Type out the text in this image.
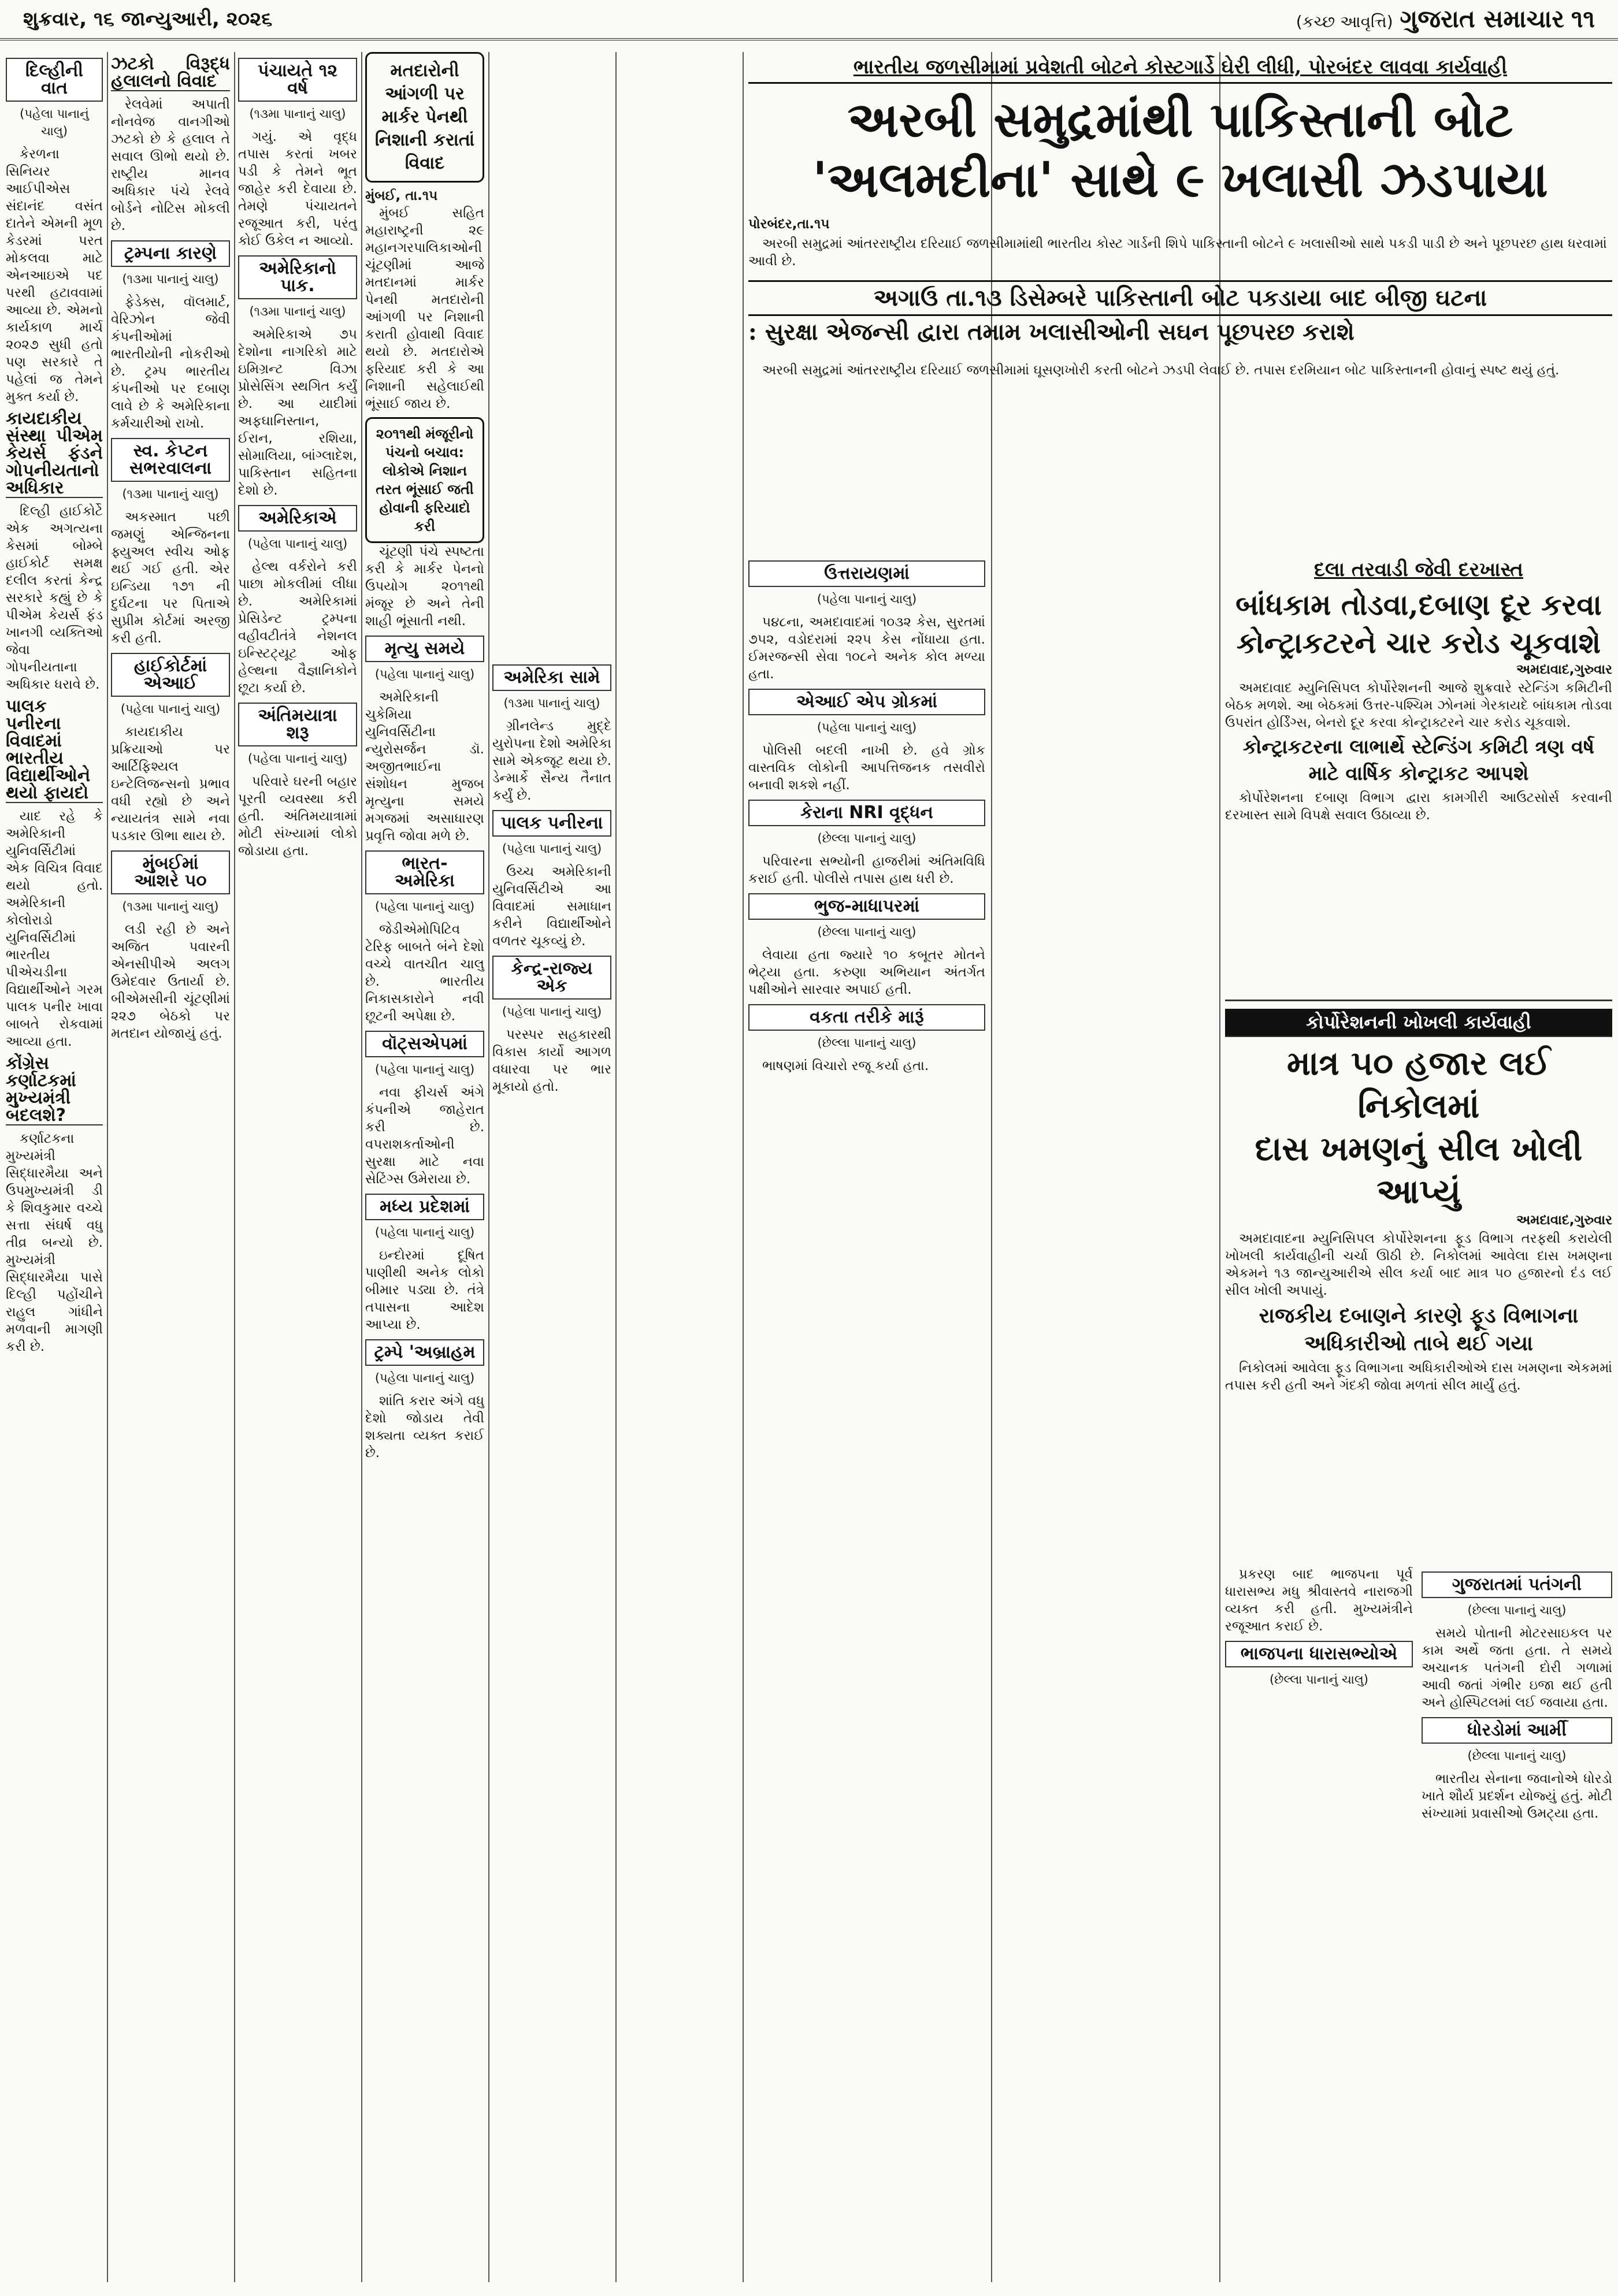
શુક્રવાર, ૧૬ જાન્યુઆરી, ૨૦૨૬	(કચ્છ આવૃત્તિ) ગુજરાત સમાચાર ૧૧
દિલ્હીની વાત
(પહેલા પાનાનું ચાલુ)

કેરળના સિનિયર આઈપીએસ સંદાનંદ વસંત દાતેને એમની મૂળ કેડરમાં પરત મોકલવા માટે એનઆઇએ પદ પરથી હટાવવામાં આવ્યા છે. એમનો કાર્યકાળ માર્ચ ૨૦૨૭ સુધી હતો પણ સરકારે તે પહેલાં જ તેમને મુક્ત કર્યા છે.

કાયદાકીય સંસ્થા પીએમ કેયર્સ ફંડને ગોપનીયતાનો અધિકાર

દિલ્હી હાઈકોર્ટે એક અગત્યના કેસમાં બોમ્બે હાઈકોર્ટ સમક્ષ દલીલ કરતાં કેન્દ્ર સરકારે કહ્યું છે કે પીએમ કેયર્સ ફંડ ખાનગી વ્યક્તિઓ જેવા ગોપનીયતાના અધિકાર ધરાવે છે.

પાલક પનીરના વિવાદમાં ભારતીય વિદ્યાર્થીઓને થયો ફાયદો

યાદ રહે કે અમેરિકાની યુનિવર્સિટીમાં એક વિચિત્ર વિવાદ થયો હતો. અમેરિકાની કોલોરાડો યુનિવર્સિટીમાં ભારતીય પીએચડીના વિદ્યાર્થીઓને ગરમ પાલક પનીર ખાવા બાબતે રોકવામાં આવ્યા હતા.

કોંગ્રેસ કર્ણાટકમાં મુખ્યમંત્રી બદલશે?

કર્ણાટકના મુખ્યમંત્રી સિદ્ધારમૈયા અને ઉપમુખ્યમંત્રી ડી કે શિવકુમાર વચ્ચે સત્તા સંઘર્ષ વધુ તીવ્ર બન્યો છે. મુખ્યમંત્રી સિદ્ધારમૈયા પાસે દિલ્હી પહોંચીને રાહુલ ગાંધીને મળવાની માગણી કરી છે.

ઝટકો વિરૂદ્ધ હલાલનો વિવાદ

રેલવેમાં અપાતી નોનવેજ વાનગીઓ ઝટકો છે કે હલાલ તે સવાલ ઊભો થયો છે. રાષ્ટ્રીય માનવ અધિકાર પંચે રેલવે બોર્ડને નોટિસ મોકલી છે.

ટ્રમ્પના કારણે
(૧૩મા પાનાનું ચાલુ)

ફેડેક્સ, વૉલમાર્ટ, વેરિઝોન જેવી કંપનીઓમાં ભારતીયોની નોકરીઓ છે. ટ્રમ્પ ભારતીય કંપનીઓ પર દબાણ લાવે છે કે અમેરિકાના કર્મચારીઓ રાખો.

સ્વ. કેપ્ટન સભરવાલના
(૧૩મા પાનાનું ચાલુ)

અકસ્માત પછી જમણું એન્જિનના ફ્યુઅલ સ્વીચ ઓફ થઈ ગઈ હતી. એર ઇન્ડિયા ૧૭૧ ની દુર્ઘટના પર પિતાએ સુપ્રીમ કોર્ટમાં અરજી કરી હતી.

હાઈકોર્ટમાં એઆઈ
(પહેલા પાનાનું ચાલુ)

કાયદાકીય પ્રક્રિયાઓ પર આર્ટિફિશ્યલ ઇન્ટેલિજન્સનો પ્રભાવ વધી રહ્યો છે અને ન્યાયતંત્ર સામે નવા પડકાર ઊભા થાય છે.

મુંબઈમાં આશરે ૫૦
(૧૩મા પાનાનું ચાલુ)

લડી રહી છે અને અજિત પવારની એનસીપીએ અલગ ઉમેદવાર ઉતાર્યા છે. બીએમસીની ચૂંટણીમાં ૨૨૭ બેઠકો પર મતદાન યોજાયું હતું.

પંચાયતે ૧૨ વર્ષ
(૧૩મા પાનાનું ચાલુ)

ગયું. એ વૃદ્ધ તપાસ કરતાં ખબર પડી કે તેમને ભૂત જાહેર કરી દેવાયા છે. તેમણે પંચાયતને રજૂઆત કરી, પરંતુ કોઈ ઉકેલ ન આવ્યો.

અમેરિકાનો પાક.
(૧૩મા પાનાનું ચાલુ)

અમેરિકાએ ૭૫ દેશોના નાગરિકો માટે ઇમિગ્રન્ટ વિઝા પ્રોસેસિંગ સ્થગિત કર્યું છે. આ યાદીમાં અફઘાનિસ્તાન, ઈરાન, રશિયા, સોમાલિયા, બાંગ્લાદેશ, પાકિસ્તાન સહિતના દેશો છે.

અમેરિકાએ
(પહેલા પાનાનું ચાલુ)

હેલ્થ વર્કરોને કરી પાછા મોકલીમાં લીધા છે. અમેરિકામાં પ્રેસિડેન્ટ ટ્રમ્પના વહીવટીતંત્રે નેશનલ ઇન્સ્ટિટ્યૂટ ઓફ હેલ્થના વૈજ્ઞાનિકોને છૂટા કર્યા છે.

અંતિમયાત્રા શરૂ
(પહેલા પાનાનું ચાલુ)

પરિવારે ઘરની બહાર પૂરતી વ્યવસ્થા કરી હતી. અંતિમયાત્રામાં મોટી સંખ્યામાં લોકો જોડાયા હતા.

મતદારોની આંગળી પર માર્કર પેનથી નિશાની કરાતાં વિવાદ
મુંબઈ, તા.૧૫

મુંબઈ સહિત મહારાષ્ટ્રની ૨૯ મહાનગરપાલિકાઓની ચૂંટણીમાં આજે મતદાનમાં માર્કર પેનથી મતદારોની આંગળી પર નિશાની કરાતી હોવાથી વિવાદ થયો છે. મતદારોએ ફરિયાદ કરી કે આ નિશાની સહેલાઈથી ભૂંસાઈ જાય છે.

૨૦૧૧થી મંજૂરીનો પંચનો બચાવ: લોકોએ નિશાન તરત ભૂંસાઈ જતી હોવાની ફરિયાદો કરી

ચૂંટણી પંચે સ્પષ્ટતા કરી કે માર્કર પેનનો ઉપયોગ ૨૦૧૧થી મંજૂર છે અને તેની શાહી ભૂંસાતી નથી.

મૃત્યુ સમયે
(પહેલા પાનાનું ચાલુ)

અમેરિકાની ચુકેમિયા યુનિવર્સિટીના ન્યુરોસર્જન ડૉ. અજીતભાઈના સંશોધન મુજબ મૃત્યુના સમયે મગજમાં અસાધારણ પ્રવૃત્તિ જોવા મળે છે.

ભારત-અમેરિકા
(પહેલા પાનાનું ચાલુ)

જેડીએમોપિટિવ ટેરિફ બાબતે બંને દેશો વચ્ચે વાતચીત ચાલુ છે. ભારતીય નિકાસકારોને નવી છૂટની અપેક્ષા છે.

વૉટ્સએપમાં
(પહેલા પાનાનું ચાલુ)

નવા ફીચર્સ અંગે કંપનીએ જાહેરાત કરી છે. વપરાશકર્તાઓની સુરક્ષા માટે નવા સેટિંગ્સ ઉમેરાયા છે.

મધ્ય પ્રદેશમાં
(પહેલા પાનાનું ચાલુ)

ઇન્દોરમાં દૂષિત પાણીથી અનેક લોકો બીમાર પડ્યા છે. તંત્રે તપાસના આદેશ આપ્યા છે.

ટ્રમ્પે 'અબ્રાહમ
(પહેલા પાનાનું ચાલુ)

શાંતિ કરાર અંગે વધુ દેશો જોડાય તેવી શક્યતા વ્યક્ત કરાઈ છે.

અમેરિકા સામે
(૧૩મા પાનાનું ચાલુ)

ગ્રીનલેન્ડ મુદ્દે યુરોપના દેશો અમેરિકા સામે એકજૂટ થયા છે. ડેન્માર્કે સૈન્ય તૈનાત કર્યું છે.

પાલક પનીરના
(પહેલા પાનાનું ચાલુ)

ઉચ્ચ અમેરિકાની યુનિવર્સિટીએ આ વિવાદમાં સમાધાન કરીને વિદ્યાર્થીઓને વળતર ચૂકવ્યું છે.

કેન્દ્ર-રાજ્ય એક
(પહેલા પાનાનું ચાલુ)

પરસ્પર સહકારથી વિકાસ કાર્યો આગળ વધારવા પર ભાર મૂકાયો હતો.

ભારતીય જળસીમામાં પ્રવેશતી બોટને કોસ્ટગાર્ડે ઘેરી લીધી, પોરબંદર લાવવા કાર્યવાહી
અરબી સમુદ્રમાંથી પાકિસ્તાની બોટ
'અલમદીના' સાથે ૯ ખલાસી ઝડપાયા
પોરબંદર,તા.૧૫

અરબી સમુદ્રમાં આંતરરાષ્ટ્રીય દરિયાઈ જળસીમામાંથી ભારતીય કોસ્ટ ગાર્ડની શિપે પાકિસ્તાની બોટને ૯ ખલાસીઓ સાથે પકડી પાડી છે અને પૂછપરછ હાથ ધરવામાં આવી છે.

અગાઉ તા.૧૩ ડિસેમ્બરે પાકિસ્તાની બોટ પકડાયા બાદ બીજી ઘટના
: સુરક્ષા એજન્સી દ્વારા તમામ ખલાસીઓની સઘન પૂછપરછ કરાશે

અરબી સમુદ્રમાં આંતરરાષ્ટ્રીય દરિયાઈ જળસીમામાં ઘૂસણખોરી કરતી બોટને ઝડપી લેવાઈ છે. તપાસ દરમિયાન બોટ પાકિસ્તાનની હોવાનું સ્પષ્ટ થયું હતું.

ઉત્તરાયણમાં
(પહેલા પાનાનું ચાલુ)

૫૪૮ના, અમદાવાદમાં ૧૦૩૨ કેસ, સુરતમાં ૭૫૨, વડોદરામાં ૨૨૫ કેસ નોંધાયા હતા. ઈમરજન્સી સેવા ૧૦૮ને અનેક કોલ મળ્યા હતા.

એઆઈ એપ ગ્રોકમાં
(પહેલા પાનાનું ચાલુ)

પોલિસી બદલી નાખી છે. હવે ગ્રોક વાસ્તવિક લોકોની આપત્તિજનક તસવીરો બનાવી શકશે નહીં.

કેરાના NRI વૃદ્ધન
(છેલ્લા પાનાનું ચાલુ)

પરિવારના સભ્યોની હાજરીમાં અંતિમવિધિ કરાઈ હતી. પોલીસે તપાસ હાથ ધરી છે.

ભુજ-માધાપરમાં
(છેલ્લા પાનાનું ચાલુ)

લેવાયા હતા જ્યારે ૧૦ કબૂતર મોતને ભેટ્યા હતા. કરુણા અભિયાન અંતર્ગત પક્ષીઓને સારવાર અપાઈ હતી.

વકતા તરીકે મારૂં
(છેલ્લા પાનાનું ચાલુ)

ભાષણમાં વિચારો રજૂ કર્યા હતા.

દલા તરવાડી જેવી દરખાસ્ત
બાંધકામ તોડવા,દબાણ દૂર કરવા
કોન્ટ્રાકટરને ચાર કરોડ ચૂકવાશે
અમદાવાદ,ગુરુવાર

અમદાવાદ મ્યુનિસિપલ કોર્પોરેશનની આજે શુક્રવારે સ્ટેન્ડિંગ કમિટીની બેઠક મળશે. આ બેઠકમાં ઉત્તર-પશ્ચિમ ઝોનમાં ગેરકાયદે બાંધકામ તોડવા ઉપરાંત હોર્ડિંગ્સ, બેનરો દૂર કરવા કોન્ટ્રાક્ટરને ચાર કરોડ ચૂકવાશે.

કોન્ટ્રાકટરના લાભાર્થે સ્ટેન્ડિંગ કમિટી ત્રણ વર્ષ માટે વાર્ષિક કોન્ટ્રાકટ આપશે

કોર્પોરેશનના દબાણ વિભાગ દ્વારા કામગીરી આઉટસોર્સ કરવાની દરખાસ્ત સામે વિપક્ષે સવાલ ઉઠાવ્યા છે.

કોર્પોરેશનની ખોખલી કાર્યવાહી
માત્ર ૫૦ હજાર લઈ નિકોલમાં
દાસ ખમણનું સીલ ખોલી આપ્યું
અમદાવાદ,ગુરુવાર

અમદાવાદના મ્યુનિસિપલ કોર્પોરેશનના ફૂડ વિભાગ તરફથી કરાયેલી ખોખલી કાર્યવાહીની ચર્ચા ઊઠી છે. નિકોલમાં આવેલા દાસ ખમણના એકમને ૧૩ જાન્યુઆરીએ સીલ કર્યા બાદ માત્ર ૫૦ હજારનો દંડ લઈ સીલ ખોલી અપાયું.

રાજકીય દબાણને કારણે ફૂડ વિભાગના અધિકારીઓ તાબે થઈ ગયા

નિકોલમાં આવેલા ફૂડ વિભાગના અધિકારીઓએ દાસ ખમણના એકમમાં તપાસ કરી હતી અને ગંદકી જોવા મળતાં સીલ માર્યું હતું.

પ્રકરણ બાદ ભાજપના પૂર્વ ધારાસભ્ય મધુ શ્રીવાસ્તવે નારાજગી વ્યક્ત કરી હતી. મુખ્યમંત્રીને રજૂઆત કરાઈ છે.

ભાજપના ધારાસભ્યોએ
(છેલ્લા પાનાનું ચાલુ)
ગુજરાતમાં પતંગની
(છેલ્લા પાનાનું ચાલુ)

સમયે પોતાની મોટરસાઇકલ પર કામ અર્થે જતા હતા. તે સમયે અચાનક પતંગની દોરી ગળામાં આવી જતાં ગંભીર ઇજા થઈ હતી અને હોસ્પિટલમાં લઈ જવાયા હતા.

ધોરડોમાં આર્મી
(છેલ્લા પાનાનું ચાલુ)

ભારતીય સેનાના જવાનોએ ધોરડો ખાતે શૌર્ય પ્રદર્શન યોજ્યું હતું. મોટી સંખ્યામાં પ્રવાસીઓ ઉમટ્યા હતા.
